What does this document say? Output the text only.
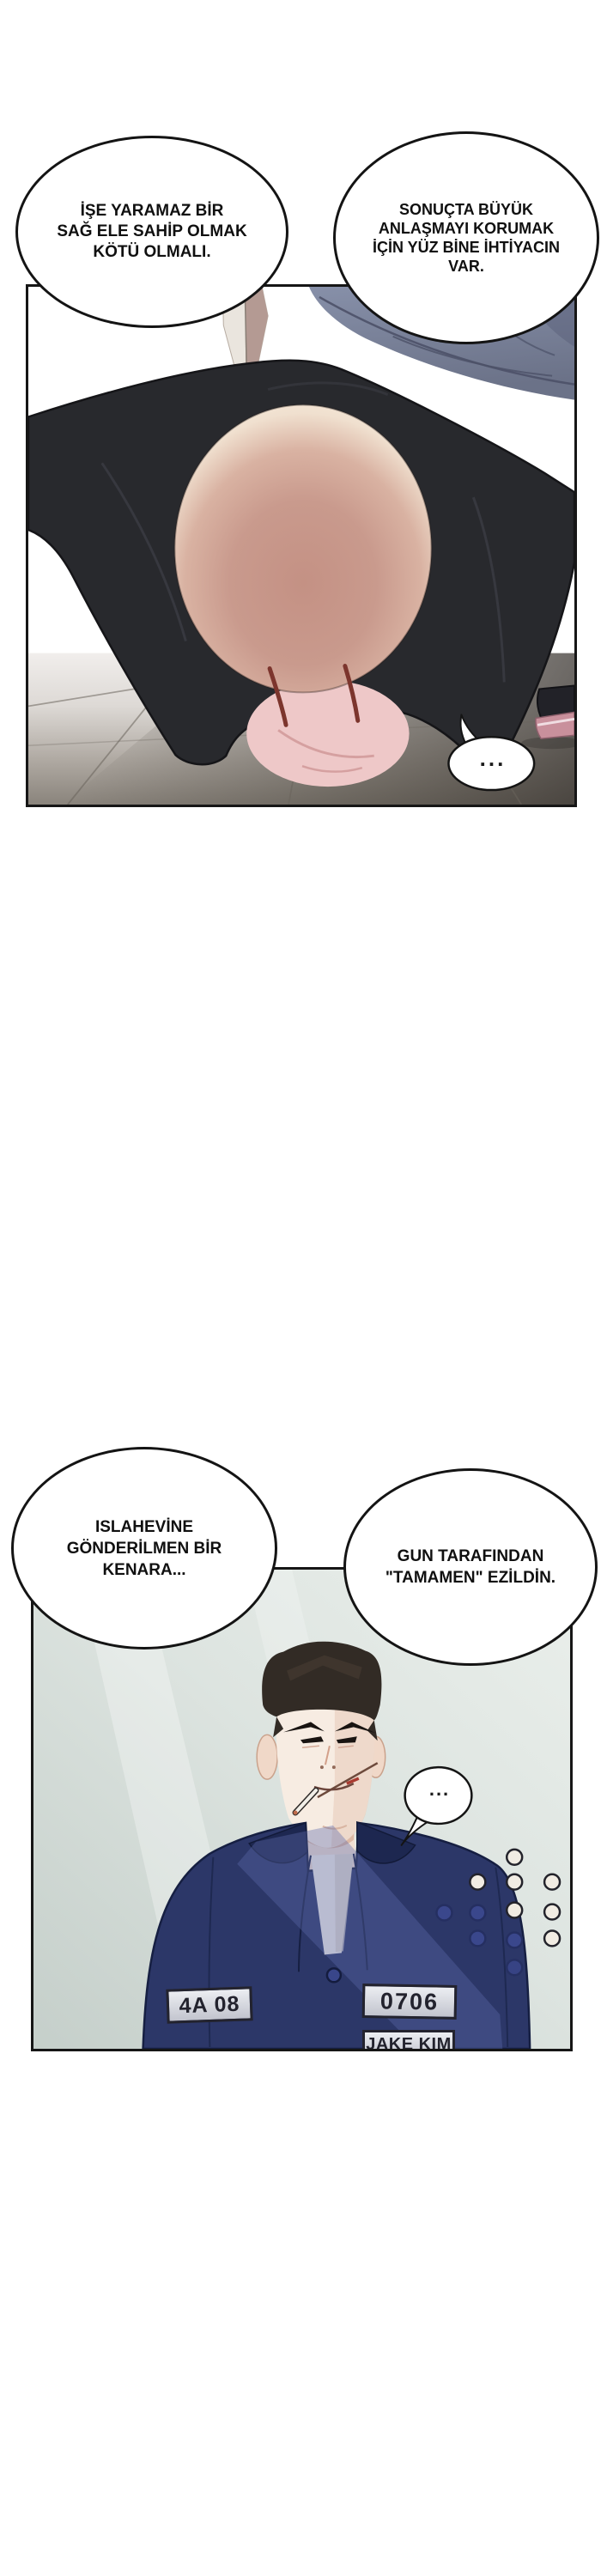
...
4A 08	0706
JAKE KIM
...
İŞE YARAMAZ BİR
SAĞ ELE SAHİP OLMAK
KÖTÜ OLMALI.
SONUÇTA BÜYÜK
ANLAŞMAYI KORUMAK
İÇİN YÜZ BİNE İHTİYACIN
VAR.
ISLAHEVİNE
GÖNDERİLMEN BİR
KENARA...
GUN TARAFINDAN
"TAMAMEN" EZİLDİN.
